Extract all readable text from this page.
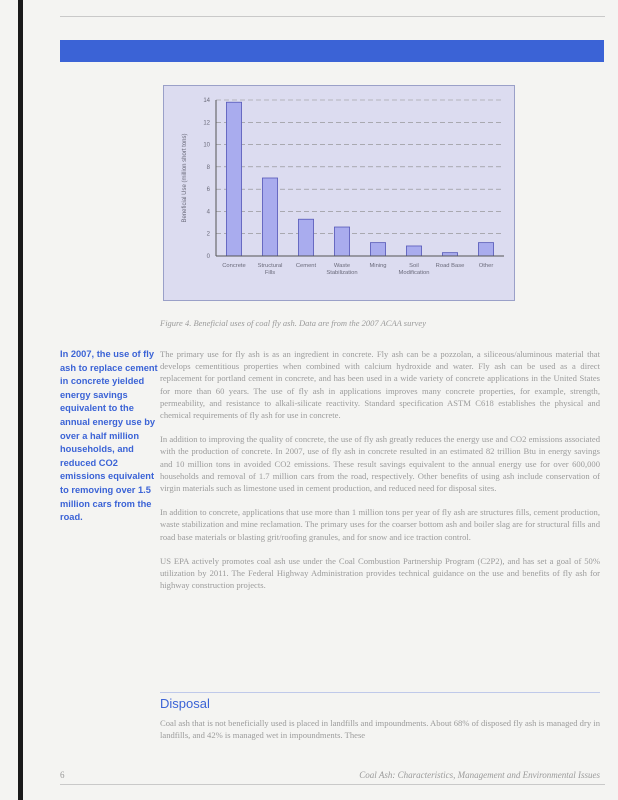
0
2
4
6
8
10
12
14
Concrete Structural Fills
Cement	Waste Stabilization
Mining	Soil Modification
Road Base Other
Beneficial Use (million short tons)
Figure 4. Beneficial uses of coal fly ash. Data are from the 2007 ACAA survey
In 2007, the use of fly ash to replace cement in concrete yielded energy savings equivalent to the annual energy use by over a half million households, and reduced CO2 emissions equivalent to removing over 1.5 million cars from the road.

The primary use for fly ash is as an ingredient in concrete. Fly ash can be a pozzolan, a siliceous/aluminous material that develops cementitious properties when combined with calcium hydroxide and water. Fly ash can be used as a direct replacement for portland cement in concrete, and has been used in a wide variety of concrete applications in the United States for more than 60 years. The use of fly ash in applications improves many concrete properties, for example, strength, permeability, and resistance to alkali-silicate reactivity. Standard specification ASTM C618 establishes the physical and chemical requirements of fly ash for use in concrete.

In addition to improving the quality of concrete, the use of fly ash greatly reduces the energy use and CO2 emissions associated with the production of concrete. In 2007, use of fly ash in concrete resulted in an estimated 82 trillion Btu in energy savings and 10 million tons in avoided CO2 emissions. These result savings equivalent to the annual energy use for over 600,000 households and removal of 1.7 million cars from the road, respectively. Other benefits of using ash include conservation of virgin materials such as limestone used in cement production, and reduced need for disposal sites.

In addition to concrete, applications that use more than 1 million tons per year of fly ash are structures fills, cement production, waste stabilization and mine reclamation. The primary uses for the coarser bottom ash and boiler slag are for structural fills and road base materials or blasting grit/roofing granules, and for snow and ice traction control.

US EPA actively promotes coal ash use under the Coal Combustion Partnership Program (C2P2), and has set a goal of 50% utilization by 2011. The Federal Highway Administration provides technical guidance on the use and benefits of fly ash for highway construction projects.

Disposal
Coal ash that is not beneficially used is placed in landfills and impoundments. About 68% of disposed fly ash is managed dry in landfills, and 42% is managed wet in impoundments. These
6	Coal Ash: Characteristics, Management and Environmental Issues
